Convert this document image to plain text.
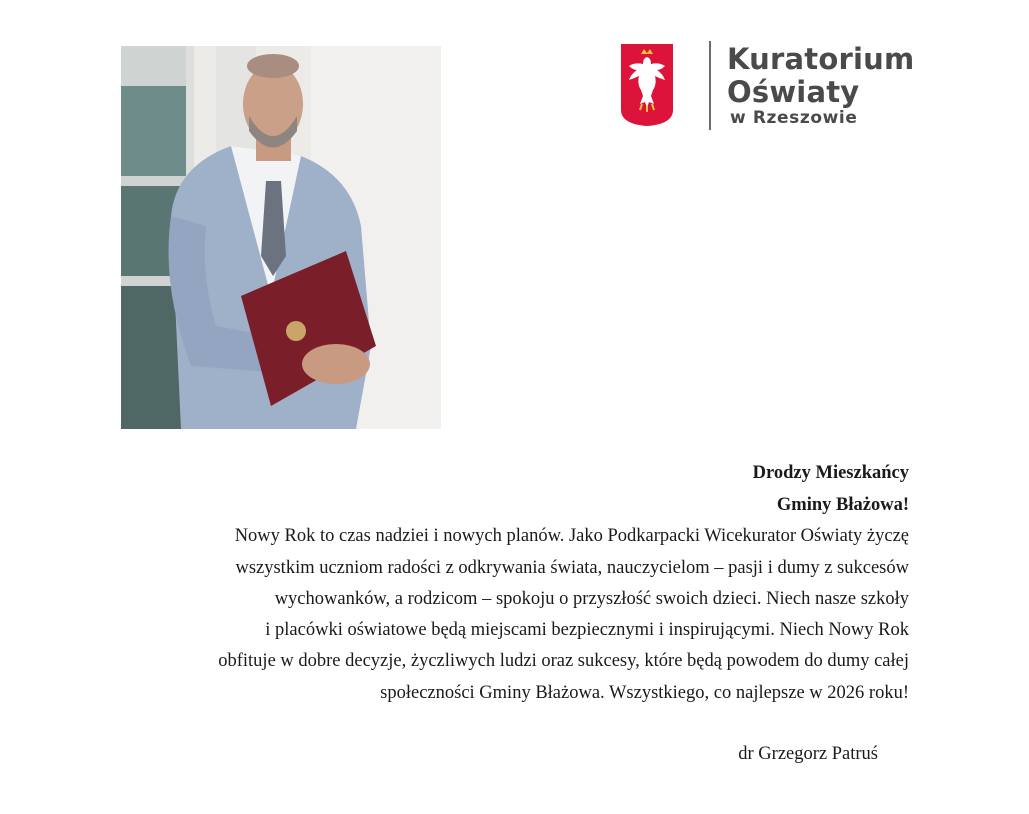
Kuratorium
Oświaty
w Rzeszowie
Drodzy Mieszkańcy
Gminy Błażowa!
Nowy Rok to czas nadziei i nowych planów. Jako Podkarpacki Wicekurator Oświaty życzę
wszystkim uczniom radości z odkrywania świata, nauczycielom – pasji i dumy z sukcesów
wychowanków, a rodzicom – spokoju o przyszłość swoich dzieci. Niech nasze szkoły
i placówki oświatowe będą miejscami bezpiecznymi i inspirującymi. Niech Nowy Rok
obfituje w dobre decyzje, życzliwych ludzi oraz sukcesy, które będą powodem do dumy całej
społeczności Gminy Błażowa. Wszystkiego, co najlepsze w 2026 roku!
dr Grzegorz Patruś
